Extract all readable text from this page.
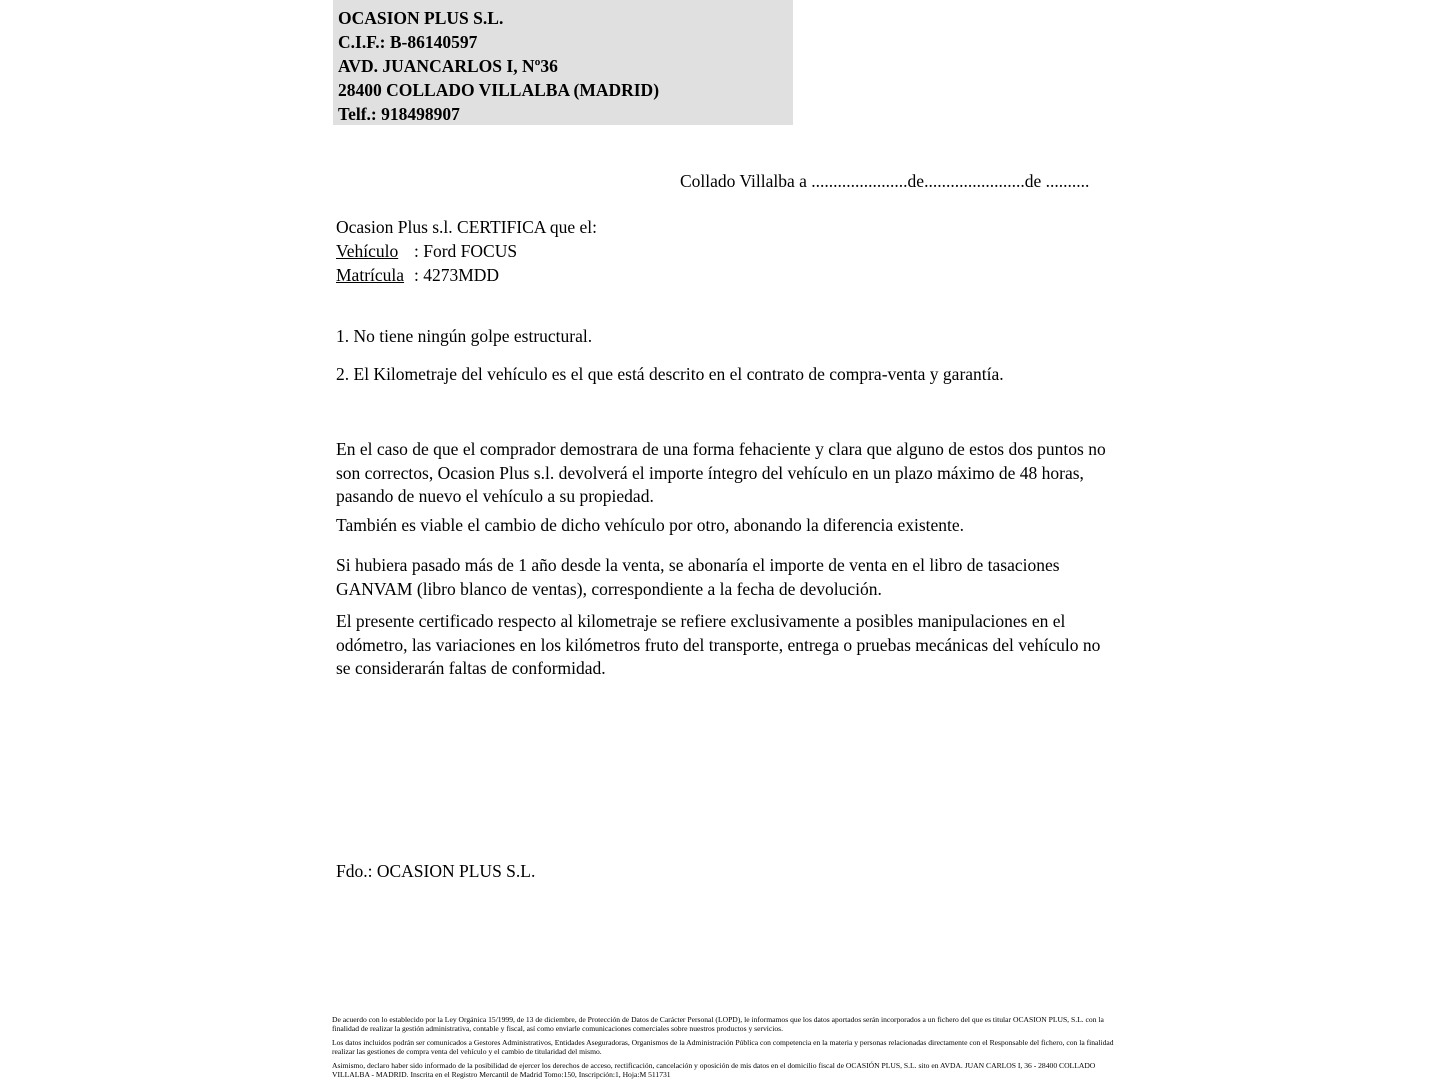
OCASION PLUS S.L.
C.I.F.: B-86140597
AVD. JUANCARLOS I, Nº36
28400 COLLADO VILLALBA (MADRID)
Telf.: 918498907
Collado Villalba a ......................de.......................de ..........
Ocasion Plus s.l. CERTIFICA que el:
Vehículo : Ford FOCUS
Matrícula : 4273MDD
1. No tiene ningún golpe estructural.
2. El Kilometraje del vehículo es el que está descrito en el contrato de compra-venta y garantía.
En el caso de que el comprador demostrara de una forma fehaciente y clara que alguno de estos dos puntos no son correctos, Ocasion Plus s.l. devolverá el importe íntegro del vehículo en un plazo máximo de 48 horas, pasando de nuevo el vehículo a su propiedad.
También es viable el cambio de dicho vehículo por otro, abonando la diferencia existente.
Si hubiera pasado más de 1 año desde la venta, se abonaría el importe de venta en el libro de tasaciones GANVAM (libro blanco de ventas), correspondiente a la fecha de devolución.
El presente certificado respecto al kilometraje se refiere exclusivamente a posibles manipulaciones en el odómetro, las variaciones en los kilómetros fruto del transporte, entrega o pruebas mecánicas del vehículo no se considerarán faltas de conformidad.
Fdo.: OCASION PLUS S.L.

De acuerdo con lo establecido por la Ley Orgánica 15/1999, de 13 de diciembre, de Protección de Datos de Carácter Personal (LOPD), le informamos que los datos aportados serán incorporados a un fichero del que es titular OCASION PLUS, S.L. con la finalidad de realizar la gestión administrativa, contable y fiscal, así como enviarle comunicaciones comerciales sobre nuestros productos y servicios.

Los datos incluidos podrán ser comunicados a Gestores Administrativos, Entidades Aseguradoras, Organismos de la Administración Pública con competencia en la materia y personas relacionadas directamente con el Responsable del fichero, con la finalidad realizar las gestiones de compra venta del vehículo y el cambio de titularidad del mismo.

Asimismo, declaro haber sido informado de la posibilidad de ejercer los derechos de acceso, rectificación, cancelación y oposición de mis datos en el domicilio fiscal de OCASIÓN PLUS, S.L. sito en AVDA. JUAN CARLOS I, 36 - 28400 COLLADO VILLALBA - MADRID. Inscrita en el Registro Mercantil de Madrid Tomo:150, Inscripción:1, Hoja:M 511731
